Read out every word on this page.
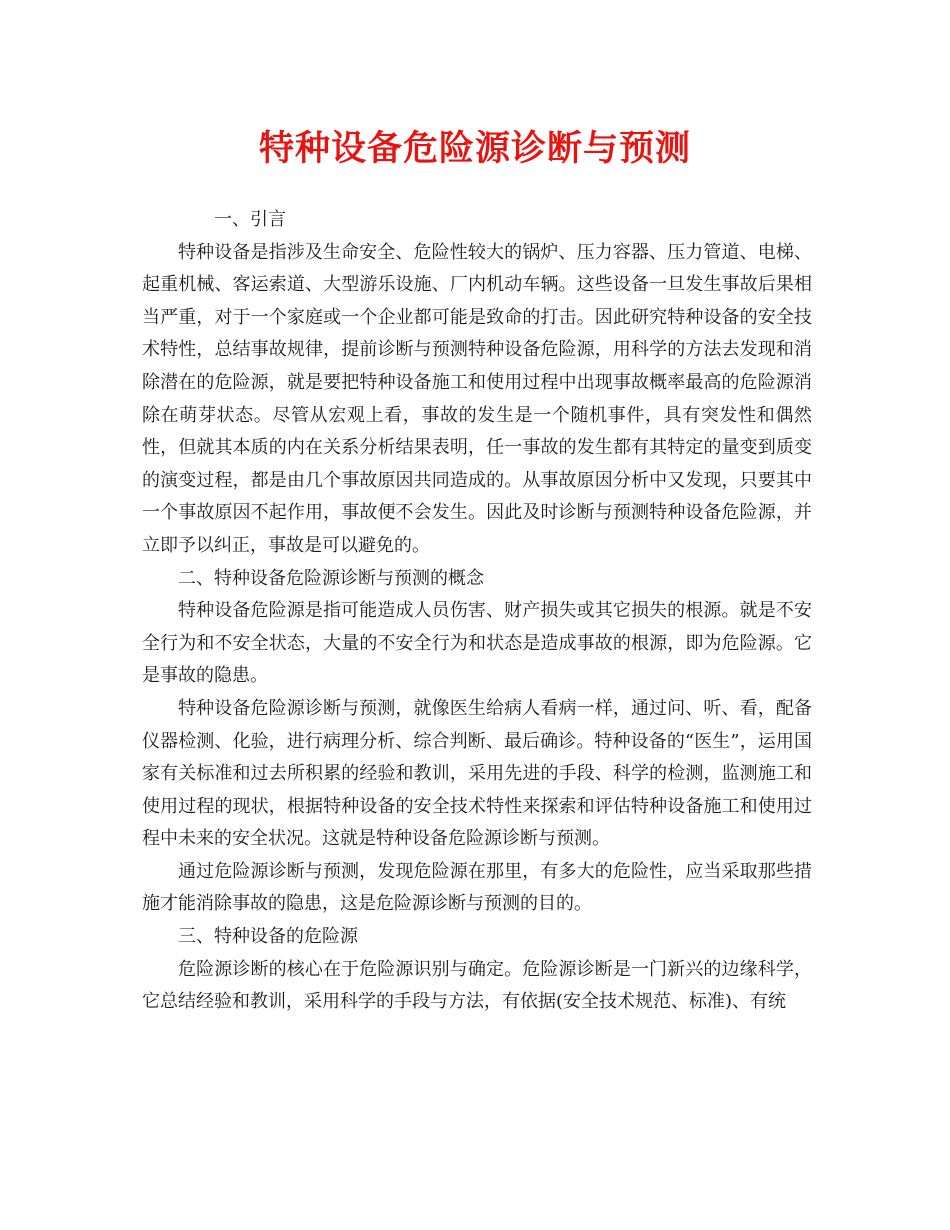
特种设备危险源诊断与预测

一、引言

特种设备是指涉及生命安全、危险性较大的锅炉、压力容器、压力管道、电梯、起重机械、客运索道、大型游乐设施、厂内机动车辆。这些设备一旦发生事故后果相当严重，对于一个家庭或一个企业都可能是致命的打击。因此研究特种设备的安全技术特性，总结事故规律，提前诊断与预测特种设备危险源，用科学的方法去发现和消除潜在的危险源，就是要把特种设备施工和使用过程中出现事故概率最高的危险源消除在萌芽状态。尽管从宏观上看，事故的发生是一个随机事件，具有突发性和偶然性，但就其本质的内在关系分析结果表明，任一事故的发生都有其特定的量变到质变的演变过程，都是由几个事故原因共同造成的。从事故原因分析中又发现，只要其中一个事故原因不起作用，事故便不会发生。因此及时诊断与预测特种设备危险源，并立即予以纠正，事故是可以避免的。

二、特种设备危险源诊断与预测的概念

特种设备危险源是指可能造成人员伤害、财产损失或其它损失的根源。就是不安全行为和不安全状态，大量的不安全行为和状态是造成事故的根源，即为危险源。它是事故的隐患。

特种设备危险源诊断与预测，就像医生给病人看病一样，通过问、听、看，配备仪器检测、化验，进行病理分析、综合判断、最后确诊。特种设备的“医生”，运用国家有关标准和过去所积累的经验和教训，采用先进的手段、科学的检测，监测施工和使用过程的现状，根据特种设备的安全技术特性来探索和评估特种设备施工和使用过程中未来的安全状况。这就是特种设备危险源诊断与预测。

通过危险源诊断与预测，发现危险源在那里，有多大的危险性，应当采取那些措施才能消除事故的隐患，这是危险源诊断与预测的目的。

三、特种设备的危险源

危险源诊断的核心在于危险源识别与确定。危险源诊断是一门新兴的边缘科学，它总结经验和教训，采用科学的手段与方法，有依据(安全技术规范、标准)、有统
